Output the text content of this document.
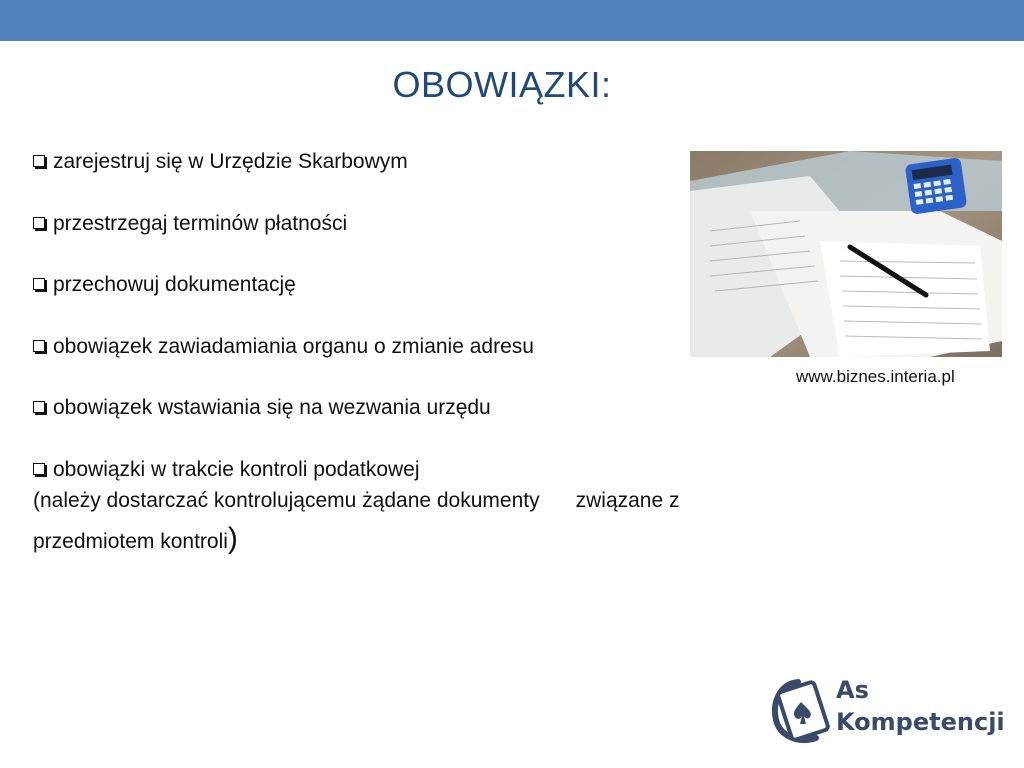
OBOWIĄZKI:
zarejestruj się w Urzędzie Skarbowym
przestrzegaj terminów płatności
przechowuj dokumentację
obowiązek zawiadamiania organu o zmianie adresu
obowiązek wstawiania się na wezwania urzędu
obowiązki w trakcie kontroli podatkowej
(należy dostarczać kontrolującemu żądane dokumenty związane z
przedmiotem kontroli)
www.biznes.interia.pl
As
Kompetencji
